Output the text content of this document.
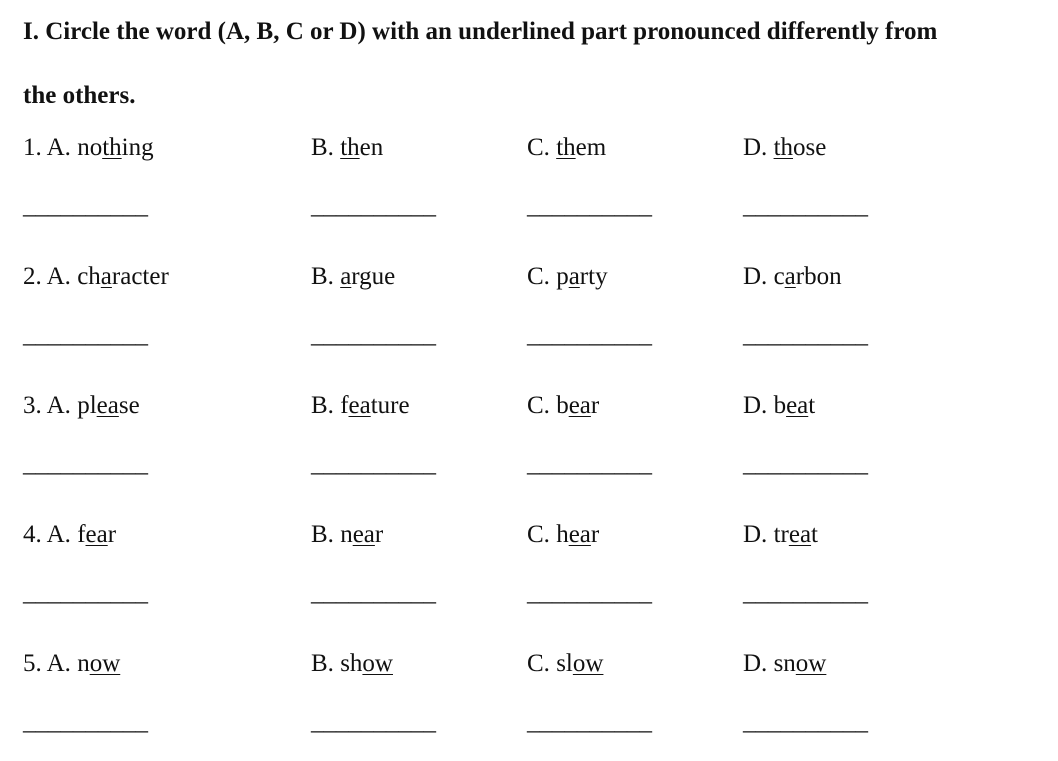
I. Circle the word (A, B, C or D) with an underlined part pronounced differently from
the others.
1. A. nothing
__________
B. then
__________
C. them
__________
D. those
__________
2. A. character
__________
B. argue
__________
C. party
__________
D. carbon
__________
3. A. please
__________
B. feature
__________
C. bear
__________
D. beat
__________
4. A. fear
__________
B. near
__________
C. hear
__________
D. treat
__________
5. A. now
__________
B. show
__________
C. slow
__________
D. snow
__________
